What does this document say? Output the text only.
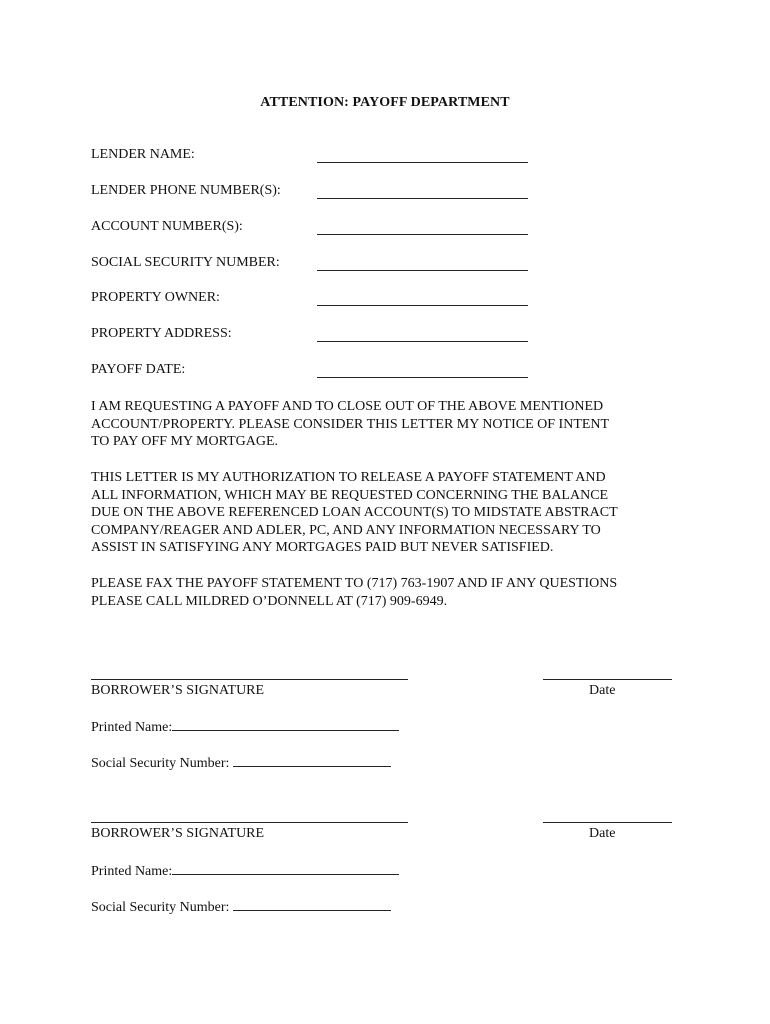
ATTENTION: PAYOFF DEPARTMENT
LENDER NAME:
LENDER PHONE NUMBER(S):
ACCOUNT NUMBER(S):
SOCIAL SECURITY NUMBER:
PROPERTY OWNER:
PROPERTY ADDRESS:
PAYOFF DATE:
I AM REQUESTING A PAYOFF AND TO CLOSE OUT OF THE ABOVE MENTIONED
ACCOUNT/PROPERTY. PLEASE CONSIDER THIS LETTER MY NOTICE OF INTENT
TO PAY OFF MY MORTGAGE.
THIS LETTER IS MY AUTHORIZATION TO RELEASE A PAYOFF STATEMENT AND
ALL INFORMATION, WHICH MAY BE REQUESTED CONCERNING THE BALANCE
DUE ON THE ABOVE REFERENCED LOAN ACCOUNT(S) TO MIDSTATE ABSTRACT
COMPANY/REAGER AND ADLER, PC, AND ANY INFORMATION NECESSARY TO
ASSIST IN SATISFYING ANY MORTGAGES PAID BUT NEVER SATISFIED.
PLEASE FAX THE PAYOFF STATEMENT TO (717) 763-1907 AND IF ANY QUESTIONS
PLEASE CALL MILDRED O’DONNELL AT (717) 909-6949.
BORROWER’S SIGNATURE	Date
Printed Name:
Social Security Number:
BORROWER’S SIGNATURE	Date
Printed Name:
Social Security Number:
